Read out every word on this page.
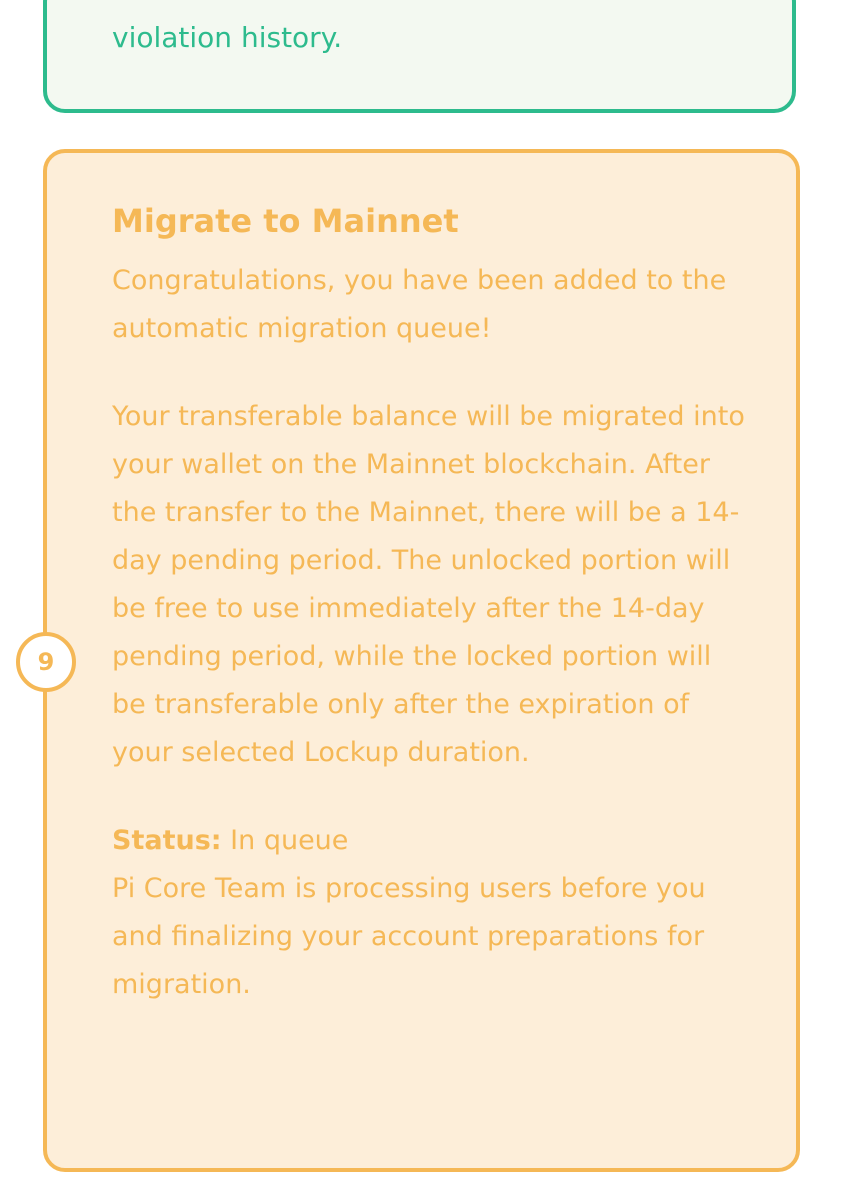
violation history.
Migrate to Mainnet

Congratulations, you have been added to the automatic migration queue!

Your transferable balance will be migrated into your wallet on the Mainnet blockchain. After the transfer to the Mainnet, there will be a 14-day pending period. The unlocked portion will be free to use immediately after the 14-day pending period, while the locked portion will be transferable only after the expiration of your selected Lockup duration.

Status: In queue

Pi Core Team is processing users before you and finalizing your account preparations for migration.

9
